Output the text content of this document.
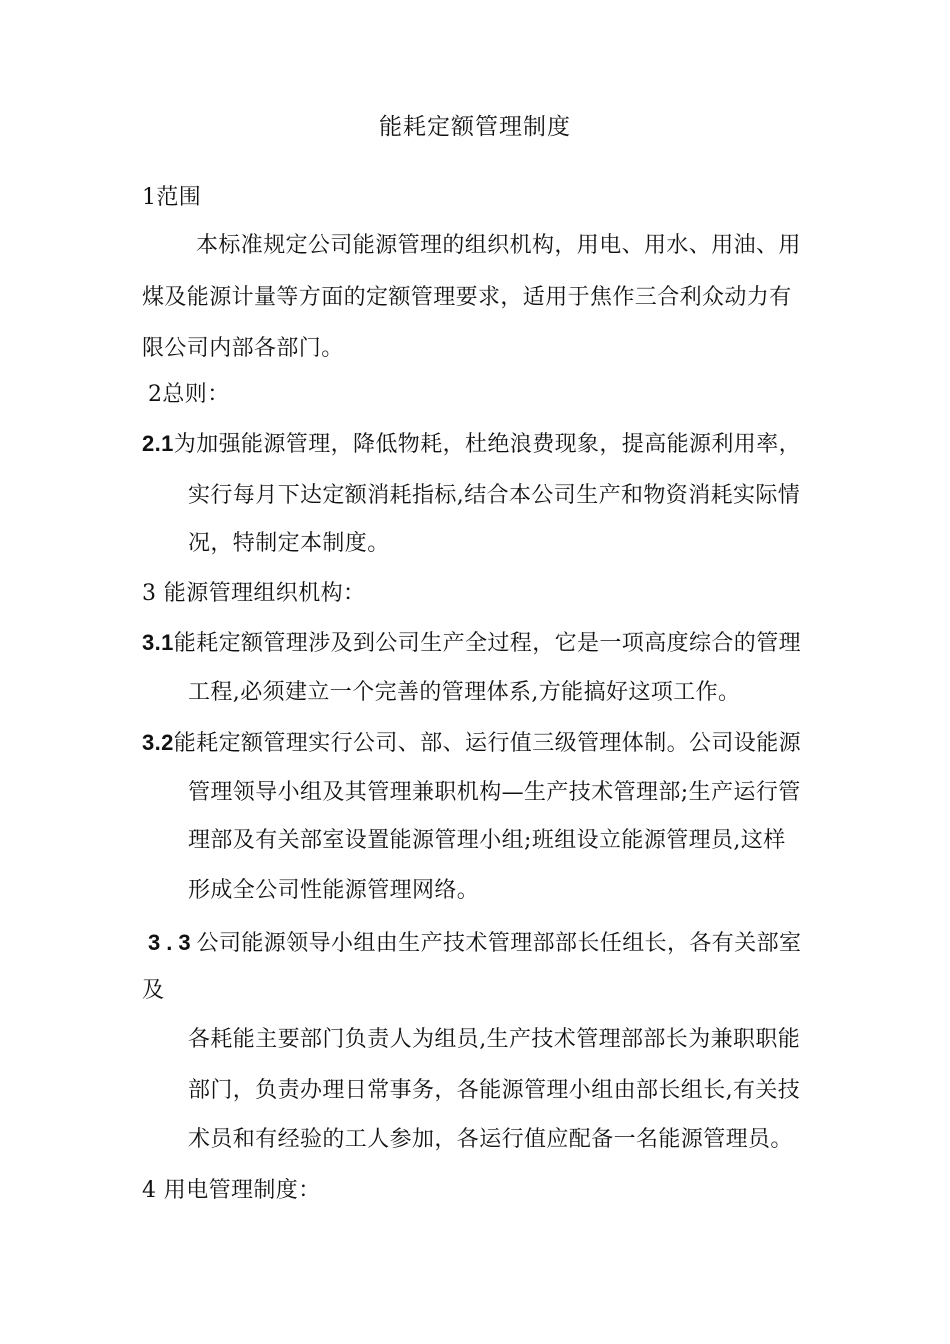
能耗定额管理制度
1范围
本标准规定公司能源管理的组织机构，用电、用水、用油、用
煤及能源计量等方面的定额管理要求，适用于焦作三合利众动力有
限公司内部各部门。
2总则：
2.1为加强能源管理，降低物耗，杜绝浪费现象，提高能源利用率，
实行每月下达定额消耗指标,结合本公司生产和物资消耗实际情
况，特制定本制度。
3 能源管理组织机构：
3.1能耗定额管理涉及到公司生产全过程，它是一项高度综合的管理
工程,必须建立一个完善的管理体系,方能搞好这项工作。
3.2能耗定额管理实行公司、部、运行值三级管理体制。公司设能源
管理领导小组及其管理兼职机构—生产技术管理部;生产运行管
理部及有关部室设置能源管理小组;班组设立能源管理员,这样
形成全公司性能源管理网络。
3.3公司能源领导小组由生产技术管理部部长任组长，各有关部室
及
各耗能主要部门负责人为组员,生产技术管理部部长为兼职职能
部门，负责办理日常事务，各能源管理小组由部长组长,有关技
术员和有经验的工人参加，各运行值应配备一名能源管理员。
4 用电管理制度：
